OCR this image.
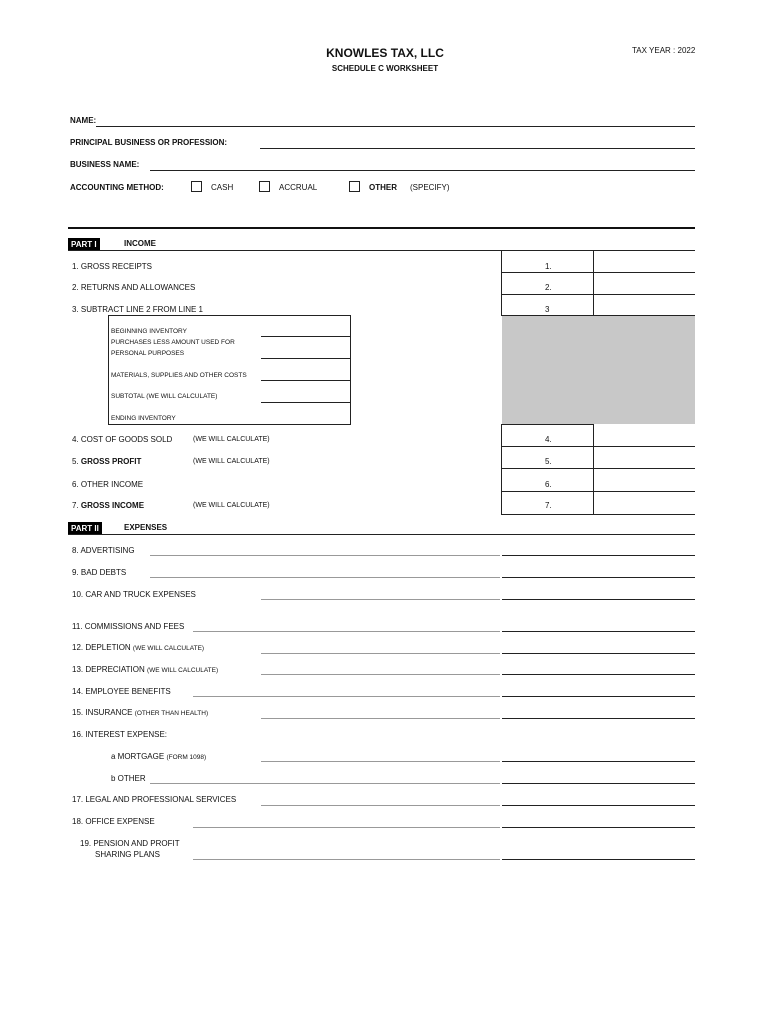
KNOWLES TAX, LLC
SCHEDULE C WORKSHEET
TAX YEAR : 2022
NAME:
PRINCIPAL BUSINESS OR PROFESSION:
BUSINESS NAME:
ACCOUNTING METHOD:	CASH	ACCRUAL	OTHER (SPECIFY)
PART I	INCOME
1. GROSS RECEIPTS	1.
2. RETURNS AND ALLOWANCES	2.
3. SUBTRACT LINE 2 FROM LINE 1	3
BEGINNING INVENTORY
PURCHASES LESS AMOUNT USED FOR
PERSONAL PURPOSES
MATERIALS, SUPPLIES AND OTHER COSTS
SUBTOTAL (WE WILL CALCULATE)
ENDING INVENTORY
4. COST OF GOODS SOLD	(WE WILL CALCULATE)	4.
5. GROSS PROFIT	(WE WILL CALCULATE)	5.
6. OTHER INCOME	6.
7. GROSS INCOME	(WE WILL CALCULATE)	7.
PART II	EXPENSES
8. ADVERTISING
9. BAD DEBTS
10. CAR AND TRUCK EXPENSES
11. COMMISSIONS AND FEES
12. DEPLETION (WE WILL CALCULATE)
13. DEPRECIATION (WE WILL CALCULATE)
14. EMPLOYEE BENEFITS
15. INSURANCE (OTHER THAN HEALTH)
16. INTEREST EXPENSE:
a MORTGAGE (FORM 1098)
b OTHER
17. LEGAL AND PROFESSIONAL SERVICES
18. OFFICE EXPENSE
19. PENSION AND PROFIT
SHARING PLANS
